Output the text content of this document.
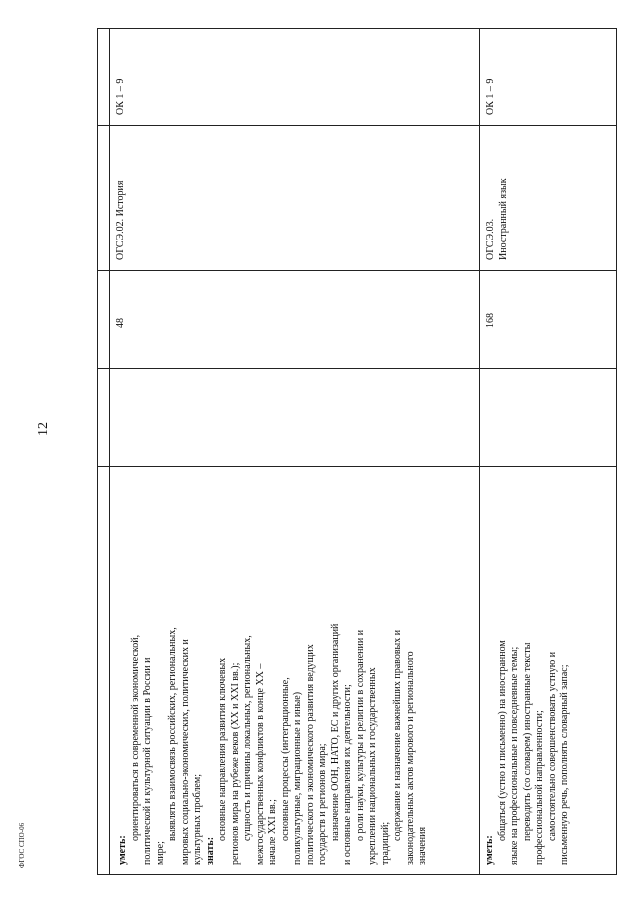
12
ФГОС СПО-06	уметь:
ориентироваться в современной экономической, политической и культурной ситуации в России и мире;
выявлять взаимосвязь российских, региональных, мировых социально-экономических, политических и культурных проблем; знать:
основные направления развития ключевых регионов мира на рубеже веков (XX и XXI вв.); сущность и причины локальных, региональных, межгосударственных конфликтов в конце XX – начале XXI вв.; основные процессы (интеграционные, поликультурные, миграционные и иные) политического и экономического развития ведущих государств и регионов мира; назначение ООН, НАТО, ЕС и других организаций и основные направления их деятельности; о роли науки, культуры и религии в сохранении и укреплении национальных и государственных традиций;
содержание и назначение важнейших правовых и законодательных актов мирового и регионального значения
48
ОГСЭ.02. История
ОК 1 – 9
уметь:
общаться (устно и письменно) на иностранном языке на профессиональные и повседневные темы; переводить (со словарем) иностранные тексты профессиональной направленности; самостоятельно совершенствовать устную и письменную речь, пополнять словарный запас;
168
ОГСЭ.03. Иностранный язык
ОК 1 – 9
